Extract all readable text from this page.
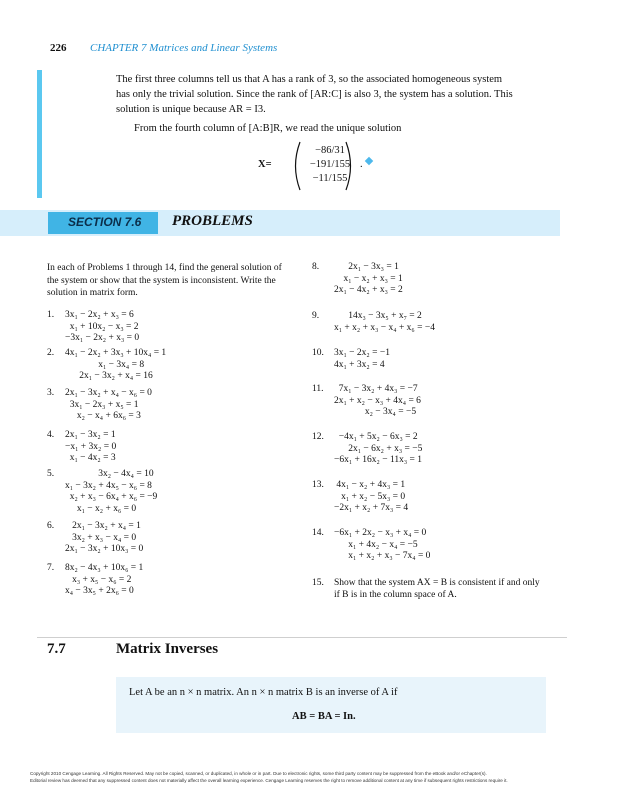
226 CHAPTER 7 Matrices and Linear Systems
The first three columns tell us that A has a rank of 3, so the associated homogeneous system
has only the trivial solution. Since the rank of [AR:C] is also 3, the system has a solution. This
solution is unique because AR = I3.
From the fourth column of [A:B]R, we read the unique solution
X=
−86/31
−191/155
−11/155
.
SECTION 7.6 PROBLEMS
In each of Problems 1 through 14, find the general solution of the system or show that the system is inconsistent. Write the solution in matrix form.
1. 3x₁ − 2x₂ + x₃ = 6
x₁ + 10x₂ − x₃ = 2
−3x₁ − 2x₂ + x₃ = 0
2. 4x₁ − 2x₂ + 3x₃ + 10x₄ = 1
x₁ − 3x₄ = 8
2x₁ − 3x₂ + x₄ = 16
3. 2x₁ − 3x₂ + x₄ − x₆ = 0
3x₁ − 2x₃ + x₅ = 1
x₂ − x₄ + 6x₆ = 3
4. 2x₁ − 3x₂ = 1
−x₁ + 3x₂ = 0
x₁ − 4x₂ = 3
5.	3x₂ − 4x₄ = 10
x₁ − 3x₂ + 4x₅ − x₆ = 8
x₂ + x₃ − 6x₄ + x₆ = −9
x₁ − x₂ + x₆ = 0
6.	2x₁ − 3x₂ + x₄ = 1
3x₂ + x₃ − x₄ = 0
2x₁ − 3x₂ + 10x₃ = 0
7. 8x₂ − 4x₃ + 10x₆ = 1
x₃ + x₅ − x₆ = 2
x₄ − 3x₅ + 2x₆ = 0
8.	2x₁ − 3x₃ = 1
x₁ − x₂ + x₃ = 1
2x₁ − 4x₂ + x₃ = 2
9.	14x₃ − 3x₅ + x₇ = 2
x₁ + x₂ + x₃ − x₄ + x₆ = −4
10. 3x₁ − 2x₂ = −1
4x₁ + 3x₂ = 4
11.	7x₁ − 3x₂ + 4x₃ = −7
2x₁ + x₂ − x₃ + 4x₄ = 6
x₂ − 3x₄ = −5
12.	−4x₁ + 5x₂ − 6x₃ = 2
2x₁ − 6x₂ + x₃ = −5
−6x₁ + 16x₂ − 11x₃ = 1
13. 4x₁ − x₂ + 4x₃ = 1
x₁ + x₂ − 5x₃ = 0
−2x₁ + x₂ + 7x₃ = 4
14. −6x₁ + 2x₂ − x₃ + x₄ = 0
x₁ + 4x₂ − x₄ = −5
x₁ + x₂ + x₃ − 7x₄ = 0
15. Show that the system AX = B is consistent if and only
if B is in the column space of A.
7.7	Matrix Inverses
Let A be an n × n matrix. An n × n matrix B is an inverse of A if
AB = BA = In.
Copyright 2010 Cengage Learning. All Rights Reserved. May not be copied, scanned, or duplicated, in whole or in part. Due to electronic rights, some third party content may be suppressed from the eBook and/or eChapter(s).
Editorial review has deemed that any suppressed content does not materially affect the overall learning experience. Cengage Learning reserves the right to remove additional content at any time if subsequent rights restrictions require it.
